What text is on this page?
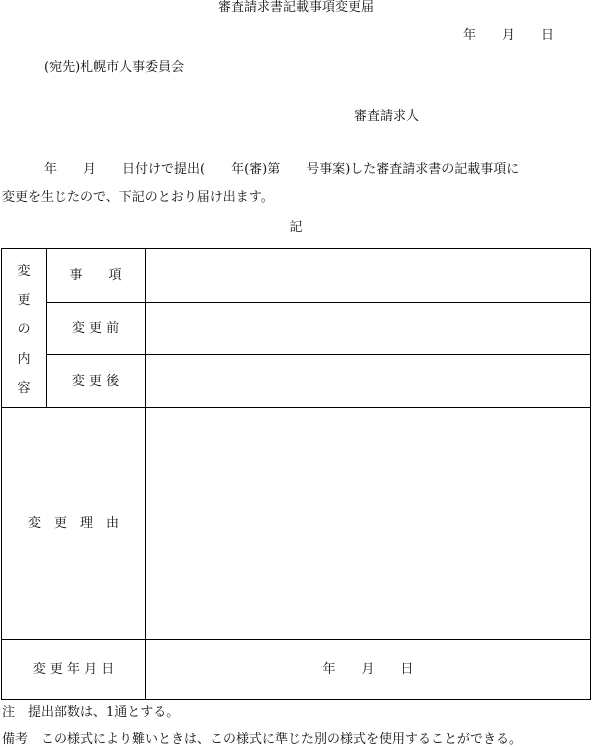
審査請求書記載事項変更届
年　　月　　日
(宛先)札幌市人事委員会
審査請求人
年　　月　　日付けで提出(　　年(審)第　　号事案)した審査請求書の記載事項に
変更を生じたので、下記のとおり届け出ます。
記
変
更
の
内
容
事　　項
変 更 前
変 更 後
変　更　理　由
変 更 年 月 日	年　　月　　日
注　提出部数は、1通とする。
備考　この様式により難いときは、この様式に準じた別の様式を使用することができる。
